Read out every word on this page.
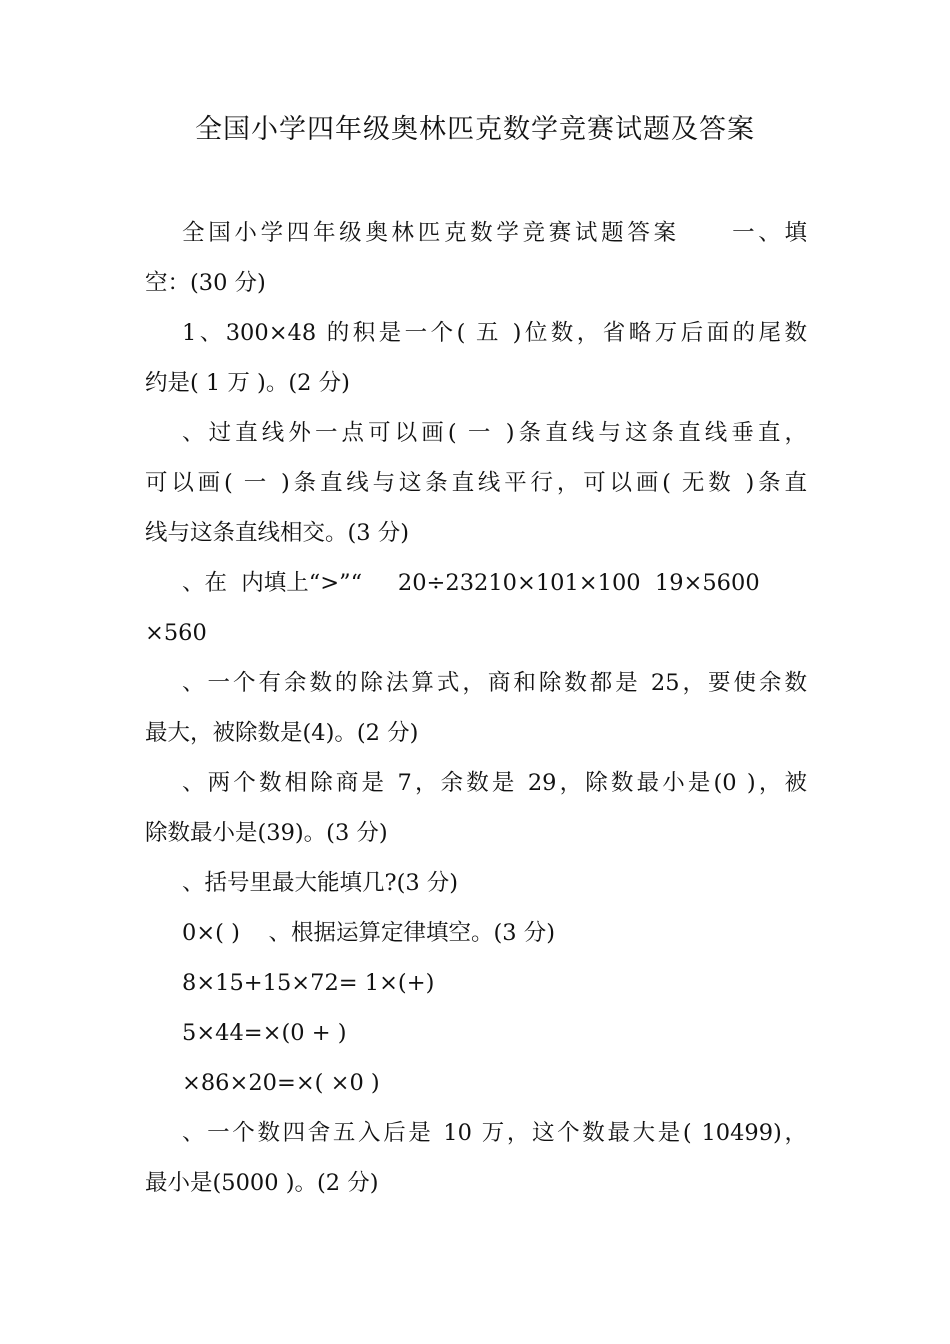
全国小学四年级奥林匹克数学竞赛试题及答案
全国小学四年级奥林匹克数学竞赛试题答案　　一、填
空：(30 分)
1、300×48 的积是一个( 五 )位数，省略万后面的尾数
约是( 1 万 )。(2 分)
、过直线外一点可以画( 一 )条直线与这条直线垂直，
可以画( 一 )条直线与这条直线平行，可以画( 无数 )条直
线与这条直线相交。(3 分)
、在  内填上“>”“     20÷23210×101×100  19×5600
×560
、一个有余数的除法算式，商和除数都是 25，要使余数
最大，被除数是(4)。(2 分)
、两个数相除商是 7，余数是 29，除数最小是(0 )，被
除数最小是(39)。(3 分)
、括号里最大能填几?(3 分)
0×( )    、根据运算定律填空。(3 分)
8×15+15×72= 1×(+)
5×44=×(0 + )
×86×20=×( ×0 )
、一个数四舍五入后是 10 万，这个数最大是( 10499)，
最小是(5000 )。(2 分)
